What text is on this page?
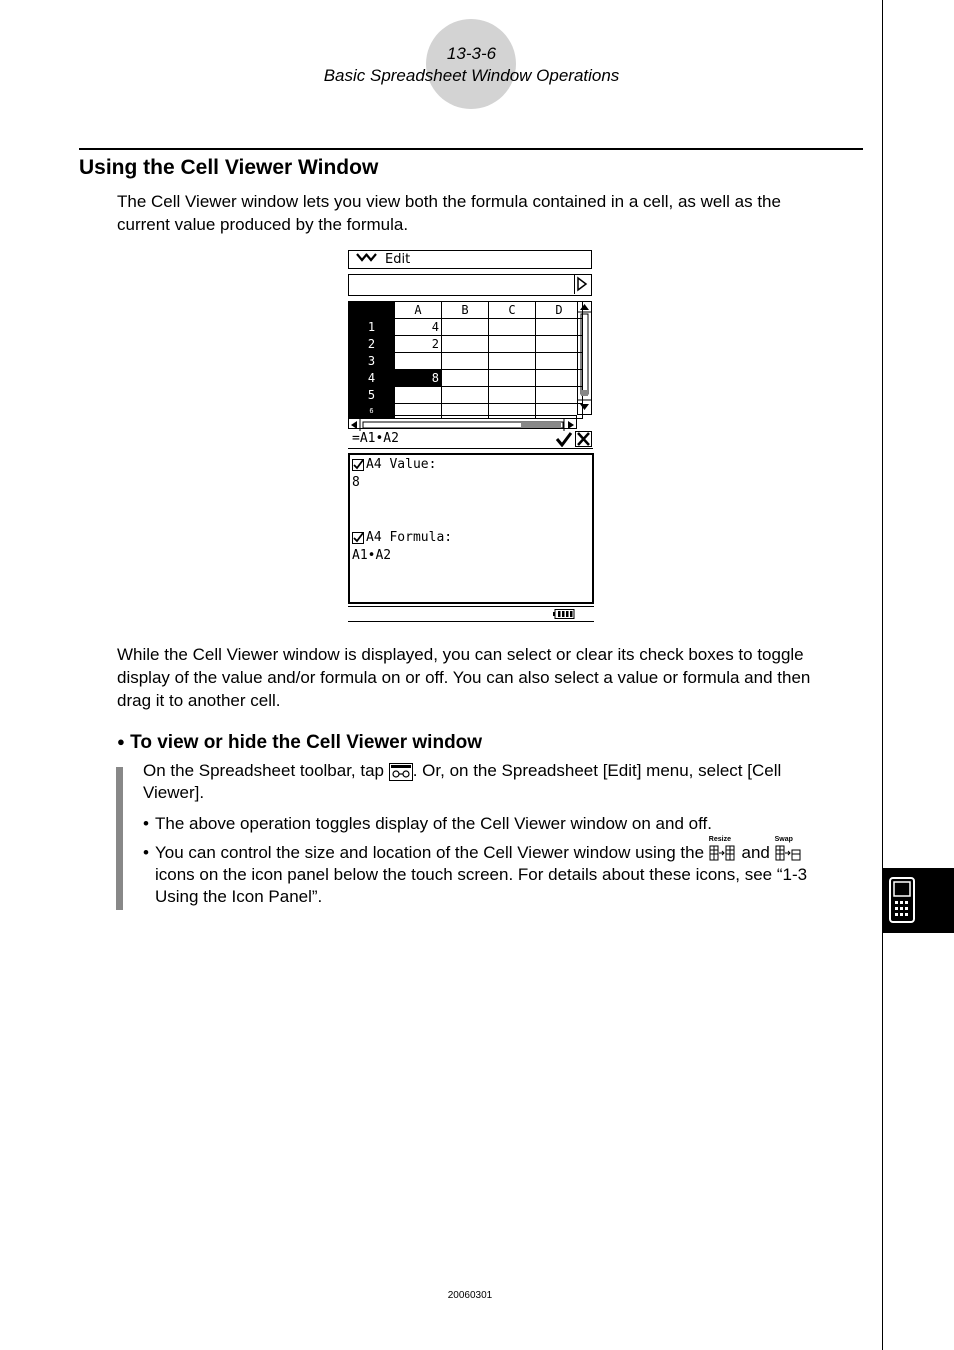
13-3-6
Basic Spreadsheet Window Operations
Using the Cell Viewer Window

The Cell Viewer window lets you view both the formula contained in a cell, as well as the
current value produced by the formula.

Edit
	A	B	C	D
1	4			
2	2			
3				
4	8			
5				
6				
=A1•A2
A4 Value:
8
A4 Formula:
A1•A2

While the Cell Viewer window is displayed, you can select or clear its check boxes to toggle
display of the value and/or formula on or off. You can also select a value or formula and then
drag it to another cell.

● To view or hide the Cell Viewer window

On the Spreadsheet toolbar, tap . Or, on the Spreadsheet [Edit] menu, select [Cell
Viewer].

• The above operation toggles display of the Cell Viewer window on and off.

• You can control the size and location of the Cell Viewer window using the
Resize
and
Swap

icons on the icon panel below the touch screen. For details about these icons, see “1-3
Using the Icon Panel”.

20060301
